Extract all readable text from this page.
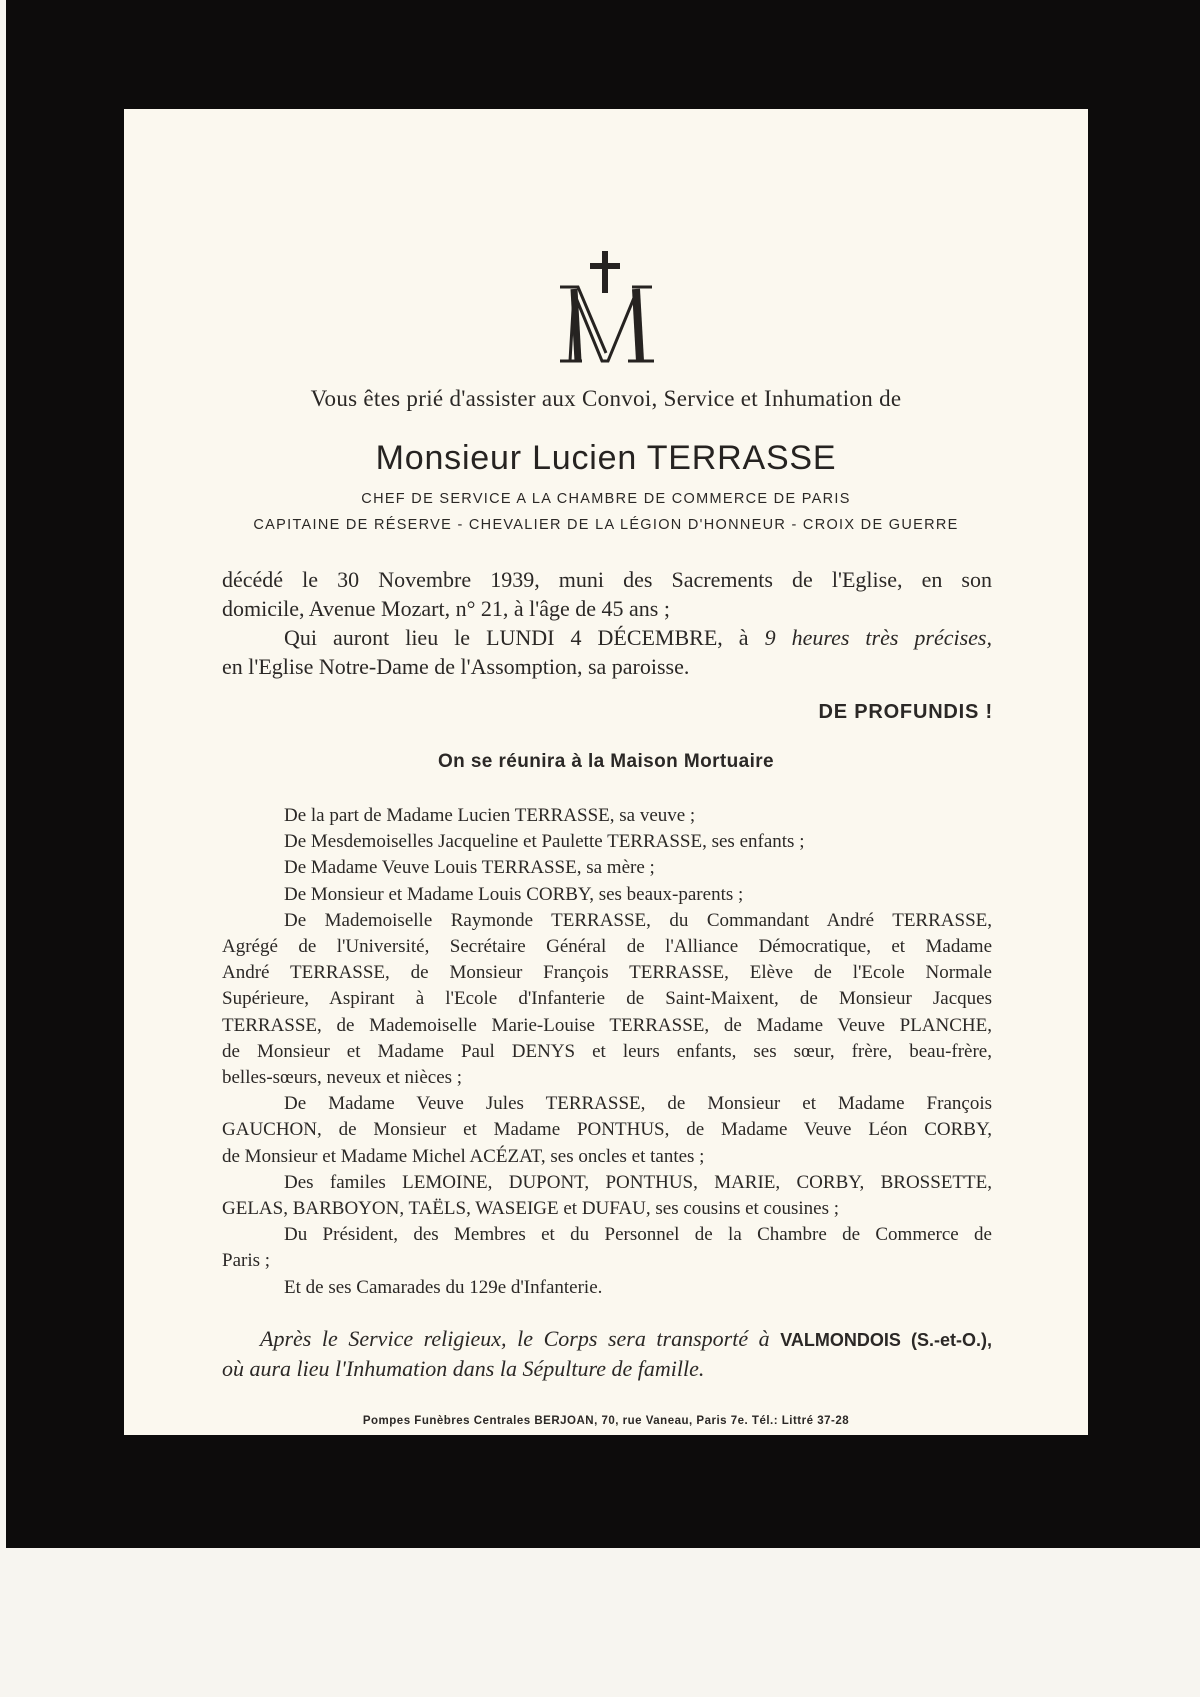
Vous êtes prié d'assister aux Convoi, Service et Inhumation de
Monsieur Lucien TERRASSE
CHEF DE SERVICE A LA CHAMBRE DE COMMERCE DE PARIS
CAPITAINE DE RÉSERVE - CHEVALIER DE LA LÉGION D'HONNEUR - CROIX DE GUERRE
décédé le 30 Novembre 1939, muni des Sacrements de l'Eglise, en son
domicile, Avenue Mozart, n° 21, à l'âge de 45 ans ;
Qui auront lieu le LUNDI 4 DÉCEMBRE, à 9 heures très précises,
en l'Eglise Notre-Dame de l'Assomption, sa paroisse.
DE PROFUNDIS !
On se réunira à la Maison Mortuaire
De la part de Madame Lucien TERRASSE, sa veuve ;
De Mesdemoiselles Jacqueline et Paulette TERRASSE, ses enfants ;
De Madame Veuve Louis TERRASSE, sa mère ;
De Monsieur et Madame Louis CORBY, ses beaux-parents ;
De Mademoiselle Raymonde TERRASSE, du Commandant André TERRASSE,
Agrégé de l'Université, Secrétaire Général de l'Alliance Démocratique, et Madame
André TERRASSE, de Monsieur François TERRASSE, Elève de l'Ecole Normale
Supérieure, Aspirant à l'Ecole d'Infanterie de Saint-Maixent, de Monsieur Jacques
TERRASSE, de Mademoiselle Marie-Louise TERRASSE, de Madame Veuve PLANCHE,
de Monsieur et Madame Paul DENYS et leurs enfants, ses sœur, frère, beau-frère,
belles-sœurs, neveux et nièces ;
De Madame Veuve Jules TERRASSE, de Monsieur et Madame François
GAUCHON, de Monsieur et Madame PONTHUS, de Madame Veuve Léon CORBY,
de Monsieur et Madame Michel ACÉZAT, ses oncles et tantes ;
Des familes LEMOINE, DUPONT, PONTHUS, MARIE, CORBY, BROSSETTE,
GELAS, BARBOYON, TAËLS, WASEIGE et DUFAU, ses cousins et cousines ;
Du Président, des Membres et du Personnel de la Chambre de Commerce de
Paris ;
Et de ses Camarades du 129e d'Infanterie.
Après le Service religieux, le Corps sera transporté à VALMONDOIS (S.-et-O.),
où aura lieu l'Inhumation dans la Sépulture de famille.
Pompes Funèbres Centrales BERJOAN, 70, rue Vaneau, Paris 7e. Tél.: Littré 37-28
